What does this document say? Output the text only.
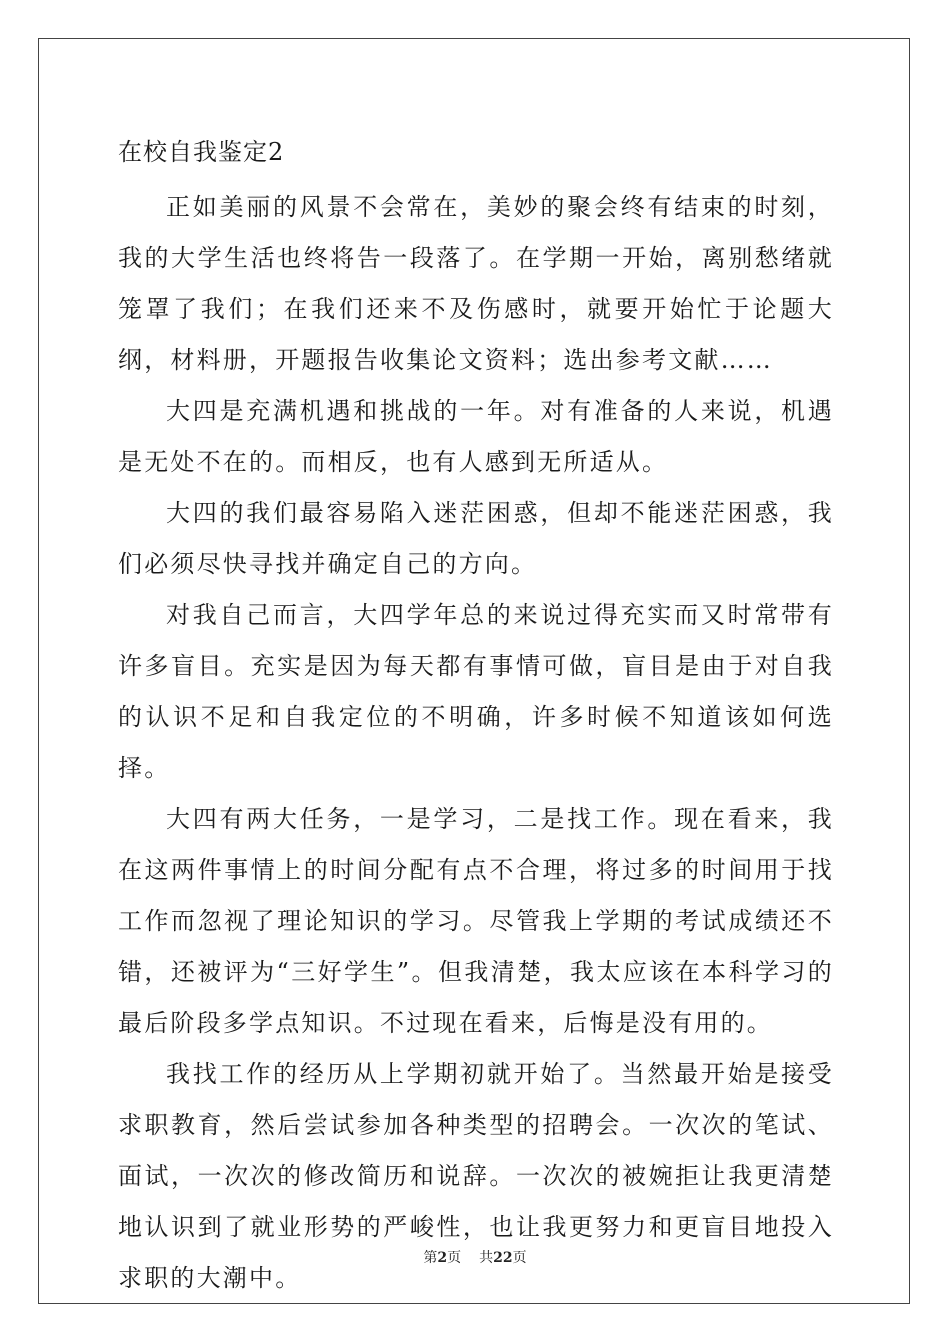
在校自我鉴定2

正如美丽的风景不会常在，美妙的聚会终有结束的时刻，我的大学生活也终将告一段落了。在学期一开始，离别愁绪就笼罩了我们；在我们还来不及伤感时，就要开始忙于论题大纲，材料册，开题报告收集论文资料；选出参考文献……

大四是充满机遇和挑战的一年。对有准备的人来说，机遇是无处不在的。而相反，也有人感到无所适从。

大四的我们最容易陷入迷茫困惑，但却不能迷茫困惑，我们必须尽快寻找并确定自己的方向。

对我自己而言，大四学年总的来说过得充实而又时常带有许多盲目。充实是因为每天都有事情可做，盲目是由于对自我的认识不足和自我定位的不明确，许多时候不知道该如何选择。

大四有两大任务，一是学习，二是找工作。现在看来，我在这两件事情上的时间分配有点不合理，将过多的时间用于找工作而忽视了理论知识的学习。尽管我上学期的考试成绩还不错，还被评为“三好学生”。但我清楚，我太应该在本科学习的最后阶段多学点知识。不过现在看来，后悔是没有用的。

我找工作的经历从上学期初就开始了。当然最开始是接受求职教育，然后尝试参加各种类型的招聘会。一次次的笔试、面试，一次次的修改简历和说辞。一次次的被婉拒让我更清楚地认识到了就业形势的严峻性，也让我更努力和更盲目地投入求职的大潮中。

第2页 共22页
